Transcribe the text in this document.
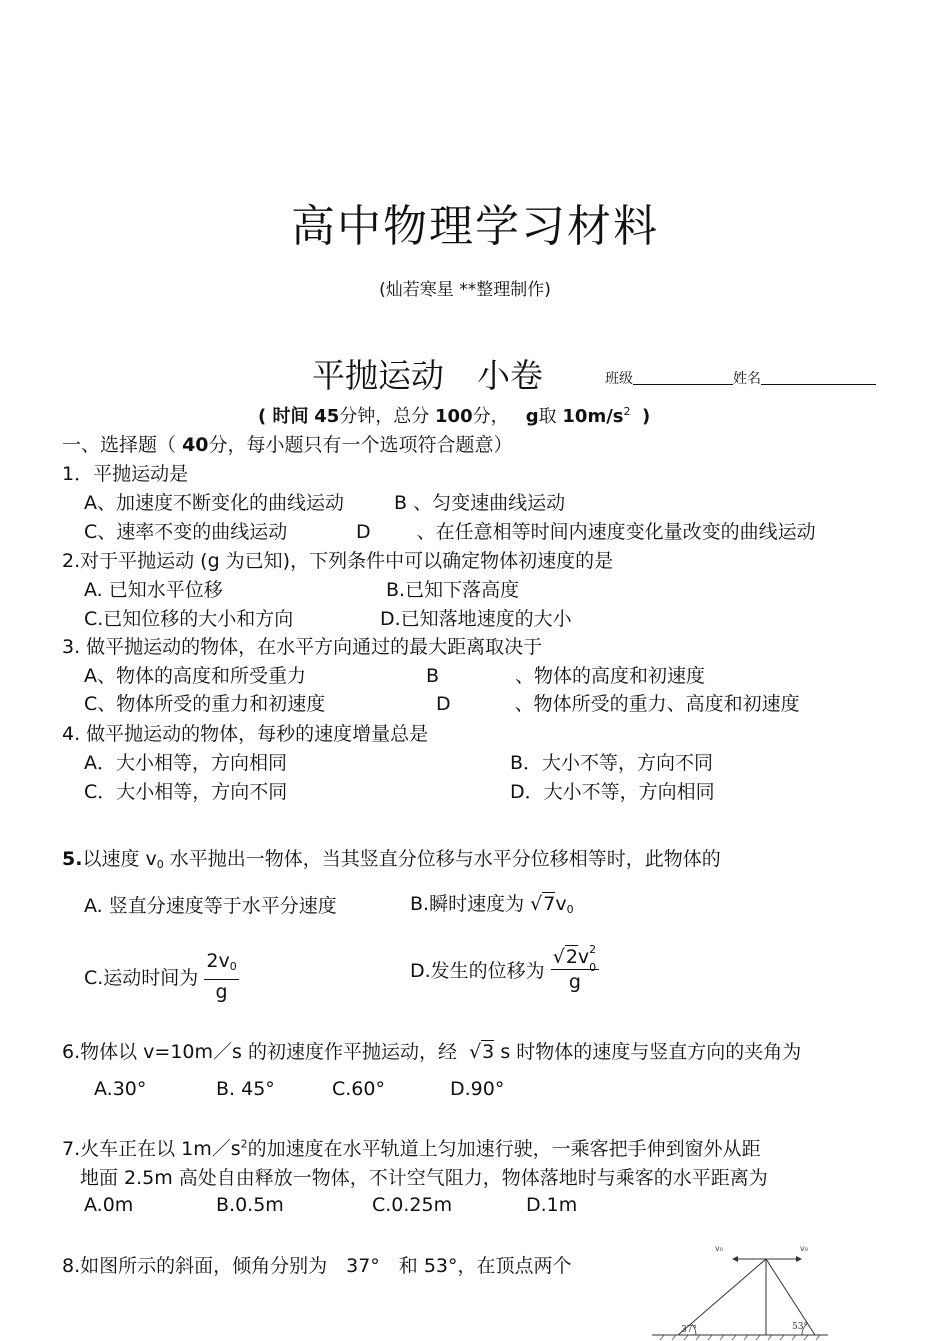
高中物理学习材料
(灿若寒星 **整理制作)
平抛运动　小卷	班级	姓名
( 时间 45分钟，总分 100分， g取 $10m/s^2$ )
一、选择题（ 40分，每小题只有一个选项符合题意）
1．平抛运动是
A、加速度不断变化的曲线运动	B 、匀变速曲线运动
C、速率不变的曲线运动	D 、在任意相等时间内速度变化量改变的曲线运动
2.对于平抛运动 (g 为已知)，下列条件中可以确定物体初速度的是
A. 已知水平位移	B.已知下落高度
C.已知位移的大小和方向	D.已知落地速度的大小
3. 做平抛运动的物体，在水平方向通过的最大距离取决于
A、物体的高度和所受重力	B	、物体的高度和初速度
C、物体所受的重力和初速度	D	、物体所受的重力、高度和初速度
4. 做平抛运动的物体，每秒的速度增量总是
A．大小相等，方向相同	B．大小不等，方向不同
C．大小相等，方向不同	D．大小不等，方向相同
5.以速度 v0 水平抛出一物体，当其竖直分位移与水平分位移相等时，此物体的
A. 竖直分速度等于水平分速度	B.瞬时速度为 √7v0
C.运动时间为 $\frac{2v0}{g}$	D.发生的位移为 √2v 2
0
g
6.物体以 v=10m／s 的初速度作平抛运动，经 √3 s 时物体的速度与竖直方向的夹角为
A.30°	B. 45°	C.60°	D.90°
7.火车正在以 $1m/s^2$的加速度在水平轨道上匀加速行驶，一乘客把手伸到窗外从距
地面 2.5m 高处自由释放一物体，不计空气阻力，物体落地时与乘客的水平距离为
A.0m	B.0.5m	C.0.25m	D.1m
8.如图所示的斜面，倾角分别为　37°　和 53°，在顶点两个
v₀	v₀
37°	53°
